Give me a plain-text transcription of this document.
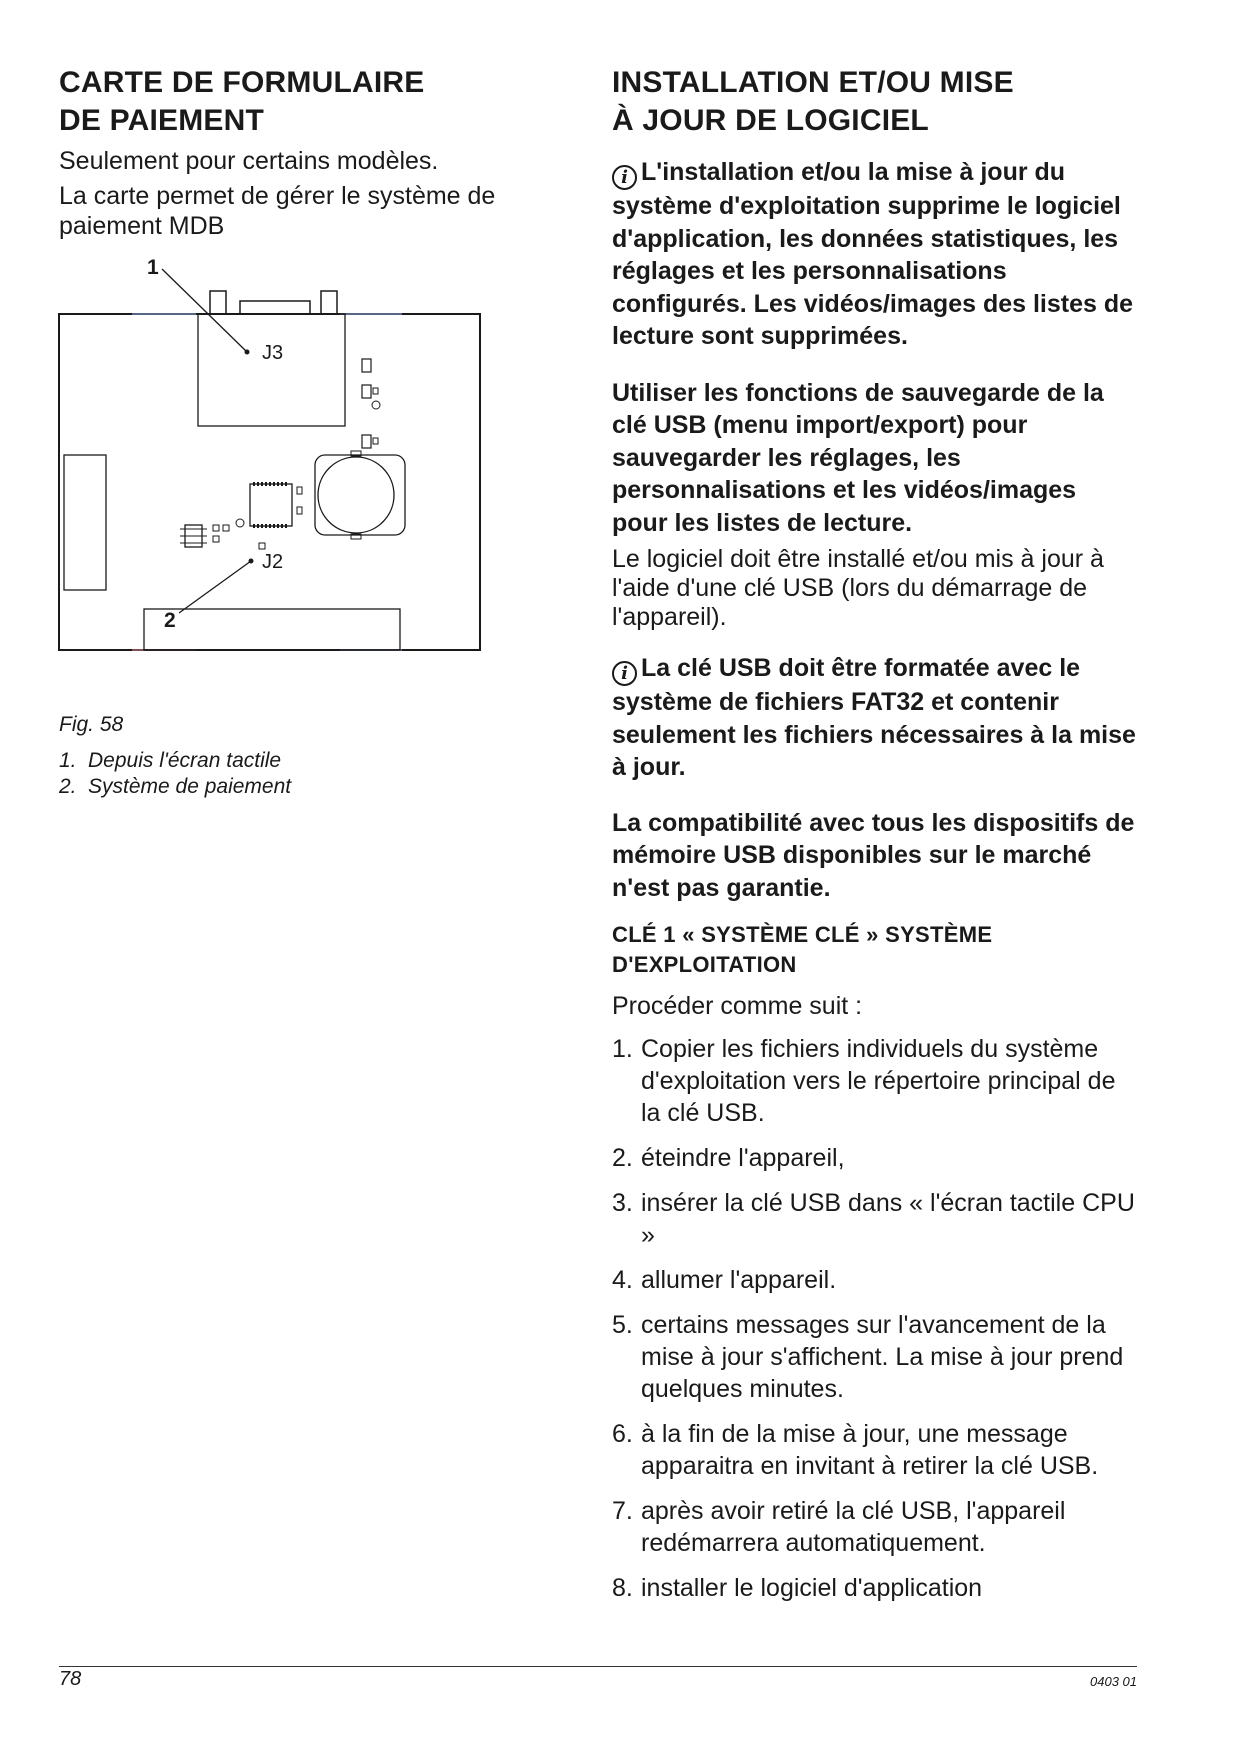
CARTE DE FORMULAIRE
DE PAIEMENT

Seulement pour certains modèles.

La carte permet de gérer le système de paiement MDB

1
J3
J2
2

Fig. 58

1. Depuis l'écran tactile
2. Système de paiement
INSTALLATION ET/OU MISE
À JOUR DE LOGICIEL

i L'installation et/ou la mise à jour du système d'exploitation supprime le logiciel d'application, les données statistiques, les réglages et les personnalisations configurés. Les vidéos/images des listes de lecture sont supprimées.

Utiliser les fonctions de sauvegarde de la clé USB (menu import/export) pour sauvegarder les réglages, les personnalisations et les vidéos/images pour les listes de lecture.

Le logiciel doit être installé et/ou mis à jour à l'aide d'une clé USB (lors du démarrage de l'appareil).

i La clé USB doit être formatée avec le système de fichiers FAT32 et contenir seulement les fichiers nécessaires à la mise à jour.

La compatibilité avec tous les dispositifs de mémoire USB disponibles sur le marché n'est pas garantie.

CLÉ 1 « SYSTÈME CLÉ » SYSTÈME
D'EXPLOITATION

Procéder comme suit :

1. Copier les fichiers individuels du système d'exploitation vers le répertoire principal de la clé USB.
2. éteindre l'appareil,
3. insérer la clé USB dans « l'écran tactile CPU »
4. allumer l'appareil.
5. certains messages sur l'avancement de la mise à jour s'affichent. La mise à jour prend quelques minutes.
6. à la fin de la mise à jour, une message apparaitra en invitant à retirer la clé USB.
7. après avoir retiré la clé USB, l'appareil redémarrera automatiquement.
8. installer le logiciel d'application
78	0403 01
